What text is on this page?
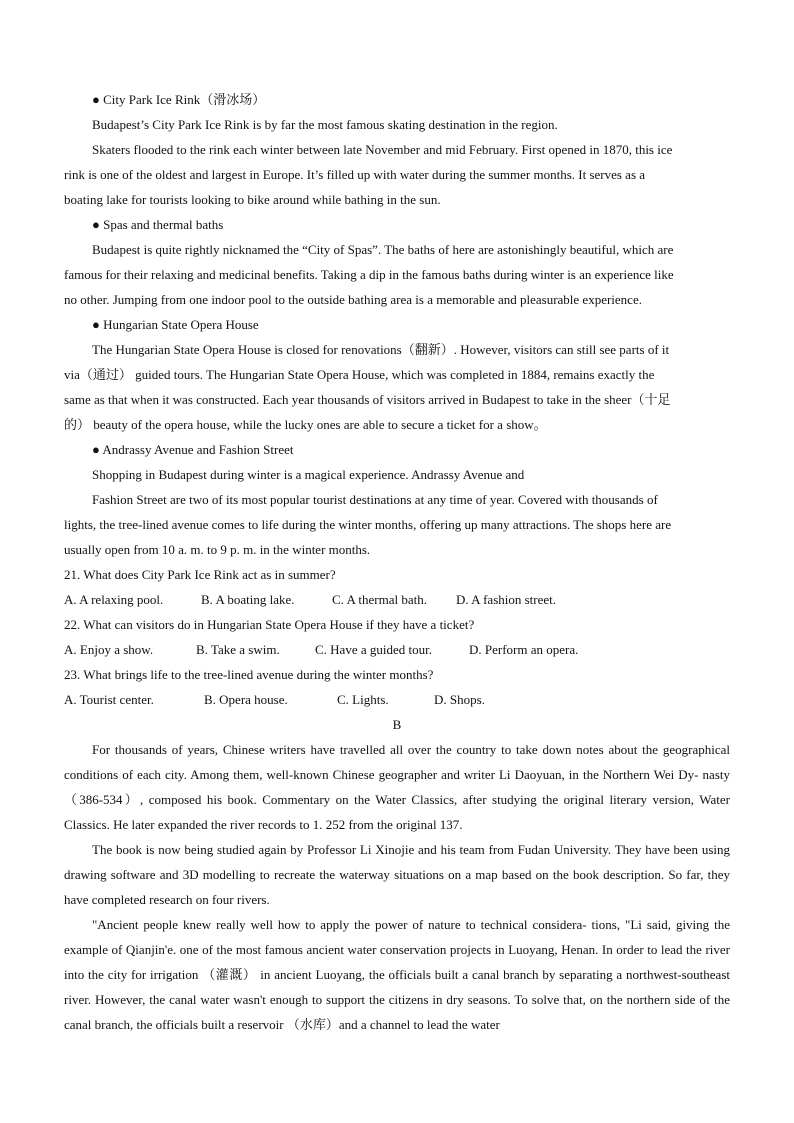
● City Park Ice Rink（滑冰场）

Budapest’s City Park Ice Rink is by far the most famous skating destination in the region.

Skaters flooded to the rink each winter between late November and mid February. First opened in 1870, this ice

rink is one of the oldest and largest in Europe. It’s filled up with water during the summer months. It serves as a

boating lake for tourists looking to bike around while bathing in the sun.

● Spas and thermal baths

Budapest is quite rightly nicknamed the “City of Spas”. The baths of here are astonishingly beautiful, which are

famous for their relaxing and medicinal benefits. Taking a dip in the famous baths during winter is an experience like

no other. Jumping from one indoor pool to the outside bathing area is a memorable and pleasurable experience.

● Hungarian State Opera House

The Hungarian State Opera House is closed for renovations（翻新）. However, visitors can still see parts of it

via（通过） guided tours. The Hungarian State Opera House, which was completed in 1884, remains exactly the

same as that when it was constructed. Each year thousands of visitors arrived in Budapest to take in the sheer（十足

的） beauty of the opera house, while the lucky ones are able to secure a ticket for a show。

● Andrassy Avenue and Fashion Street

Shopping in Budapest during winter is a magical experience. Andrassy Avenue and

Fashion Street are two of its most popular tourist destinations at any time of year. Covered with thousands of

lights, the tree-lined avenue comes to life during the winter months, offering up many attractions. The shops here are

usually open from 10 a. m. to 9 p. m. in the winter months.

21. What does City Park Ice Rink act as in summer?

A. A relaxing pool.	B. A boating lake.	C. A thermal bath.	D. A fashion street.

22. What can visitors do in Hungarian State Opera House if they have a ticket?

A. Enjoy a show.	B. Take a swim.	C. Have a guided tour.	D. Perform an opera.

23. What brings life to the tree-lined avenue during the winter months?

A. Tourist center.	B. Opera house.	C. Lights.	D. Shops.

B

For thousands of years, Chinese writers have travelled all over the country to take down notes about the geographical conditions of each city. Among them, well-known Chinese geographer and writer Li Daoyuan, in the Northern Wei Dy- nasty （386-534）, composed his book. Commentary on the Water Classics, after studying the original literary version, Water Classics. He later expanded the river records to 1. 252 from the original 137.

The book is now being studied again by Professor Li Xinojie and his team from Fudan University. They have been using drawing software and 3D modelling to recreate the waterway situations on a map based on the book description. So far, they have completed research on four rivers.

"Ancient people knew really well how to apply the power of nature to technical considera- tions, "Li said, giving the example of Qianjin'e. one of the most famous ancient water conservation projects in Luoyang, Henan. In order to lead the river into the city for irrigation （灌溉） in ancient Luoyang, the officials built a canal branch by separating a northwest-southeast river. However, the canal water wasn't enough to support the citizens in dry seasons. To solve that, on the northern side of the canal branch, the officials built a reservoir （水库）and a channel to lead the water
